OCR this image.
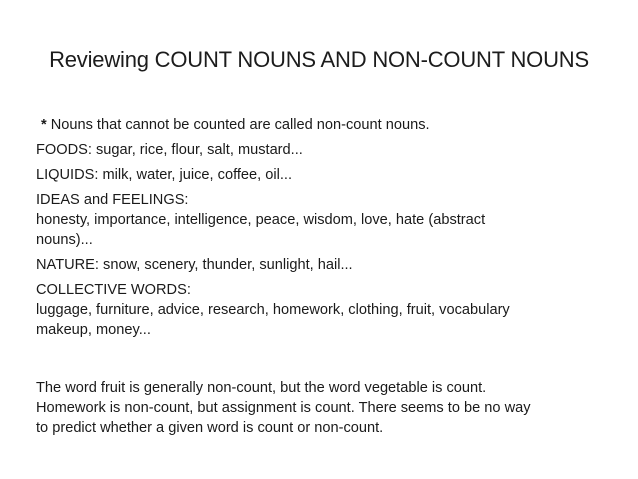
Reviewing COUNT NOUNS AND NON-COUNT NOUNS

* Nouns that cannot be counted are called non-count nouns.

FOODS: sugar, rice, flour, salt, mustard...

LIQUIDS: milk, water, juice, coffee, oil...

IDEAS and FEELINGS:
honesty, importance, intelligence, peace, wisdom, love, hate (abstract
nouns)...

NATURE: snow, scenery, thunder, sunlight, hail...

COLLECTIVE WORDS:
luggage, furniture, advice, research, homework, clothing, fruit, vocabulary
makeup, money...

The word fruit is generally non-count, but the word vegetable is count.
Homework is non-count, but assignment is count. There seems to be no way
to predict whether a given word is count or non-count.
